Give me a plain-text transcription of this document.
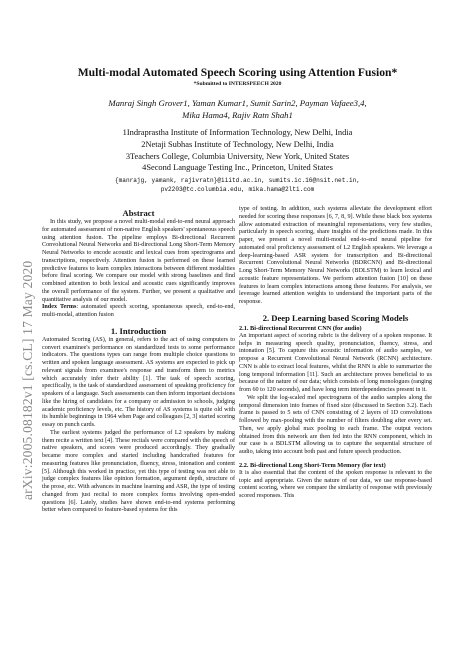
arXiv:2005.08182v1 [cs.CL] 17 May 2020
Multi-modal Automated Speech Scoring using Attention Fusion*
*Submitted to INTERSPEECH 2020
Manraj Singh Grover1, Yaman Kumar1, Sumit Sarin2, Payman Vafaee3,4,
Mika Hama4, Rajiv Ratn Shah1
1Indraprastha Institute of Information Technology, New Delhi, India
2Netaji Subhas Institute of Technology, New Delhi, India
3Teachers College, Columbia University, New York, United States
4Second Language Testing Inc., Princeton, United States
{manrajg, yamank, rajivratn}@iiitd.ac.in, sumits.ic.16@nsit.net.in,
pv2203@tc.columbia.edu, mika.hama@2lti.com
Abstract

In this study, we propose a novel multi-modal end-to-end neural approach for automated assessment of non-native English speakers' spontaneous speech using attention fusion. The pipeline employs Bi-directional Recurrent Convolutional Neural Networks and Bi-directional Long Short-Term Memory Neural Networks to encode acoustic and lexical cues from spectrograms and transcriptions, respectively. Attention fusion is performed on these learned predictive features to learn complex interactions between different modalities before final scoring. We compare our model with strong baselines and find combined attention to both lexical and acoustic cues significantly improves the overall performance of the system. Further, we present a qualitative and quantitative analysis of our model.

Index Terms: automated speech scoring, spontaneous speech, end-to-end, multi-modal, attention fusion

1. Introduction

Automated Scoring (AS), in general, refers to the act of using computers to convert examinee's performance on standardized tests to some performance indicators. The questions types can range from multiple choice questions to written and spoken language assessment. AS systems are expected to pick up relevant signals from examinee's response and transform them to metrics which accurately infer their ability [1]. The task of speech scoring, specifically, is the task of standardized assessment of speaking proficiency for speakers of a language. Such assessments can then inform important decisions like the hiring of candidates for a company or admission to schools, judging academic proficiency levels, etc. The history of AS systems is quite old with its humble beginnings in 1964 when Page and colleagues [2, 3] started scoring essay on punch cards.

The earliest systems judged the performance of L2 speakers by making them recite a written text [4]. These recitals were compared with the speech of native speakers, and scores were produced accordingly. They gradually became more complex and started including handcrafted features for measuring features like pronunciation, fluency, stress, intonation and content [5]. Although this worked in practice, yet this type of testing was not able to judge complex features like opinion formation, argument depth, structure of the prose, etc. With advances in machine learning and ASR, the type of testing changed from just recital to more complex forms involving open-ended questions [6]. Lately, studies have shown end-to-end systems performing better when compared to feature-based systems for this

type of testing. In addition, such systems alleviate the development effort needed for scoring these responses [6, 7, 8, 9]. While these black box systems allow automated extraction of meaningful representations, very few studies, particularly in speech scoring, share insights of the predictions made. In this paper, we present a novel multi-modal end-to-end neural pipeline for automated oral proficiency assessment of L2 English speakers. We leverage a deep-learning-based ASR system for transcription and Bi-directional Recurrent Convolutional Neural Networks (BDRCNN) and Bi-directional Long Short-Term Memory Neural Networks (BDLSTM) to learn lexical and acoustic feature representations. We perform attention fusion [10] on these features to learn complex interactions among these features. For analysis, we leverage learned attention weights to understand the important parts of the response.

2. Deep Learning based Scoring Models
2.1. Bi-directional Recurrent CNN (for audio)

An important aspect of scoring rubric is the delivery of a spoken response. It helps in measuring speech quality, pronunciation, fluency, stress, and intonation [5]. To capture this acoustic information of audio samples, we propose a Recurrent Convolutional Neural Network (RCNN) architecture. CNN is able to extract local features, whilst the RNN is able to summarize the long temporal information [11]. Such an architecture proves beneficial to us because of the nature of our data; which consists of long monologues (ranging from 60 to 120 seconds), and have long term interdependencies present in it.

We split the log-scaled mel spectrograms of the audio samples along the temporal dimension into frames of fixed size (discussed in Section 3.2). Each frame is passed to 5 sets of CNN consisting of 2 layers of 1D convolutions followed by max-pooling with the number of filters doubling after every set. Then, we apply global max pooling to each frame. The output vectors obtained from this network are then fed into the RNN component, which in our case is a BDLSTM allowing us to capture the sequential structure of audio, taking into account both past and future speech production.

2.2. Bi-directional Long Short-Term Memory (for text)

It is also essential that the content of the spoken response is relevant to the topic and appropriate. Given the nature of our data, we use response-based content scoring, where we compare the similarity of response with previously scored responses. This
